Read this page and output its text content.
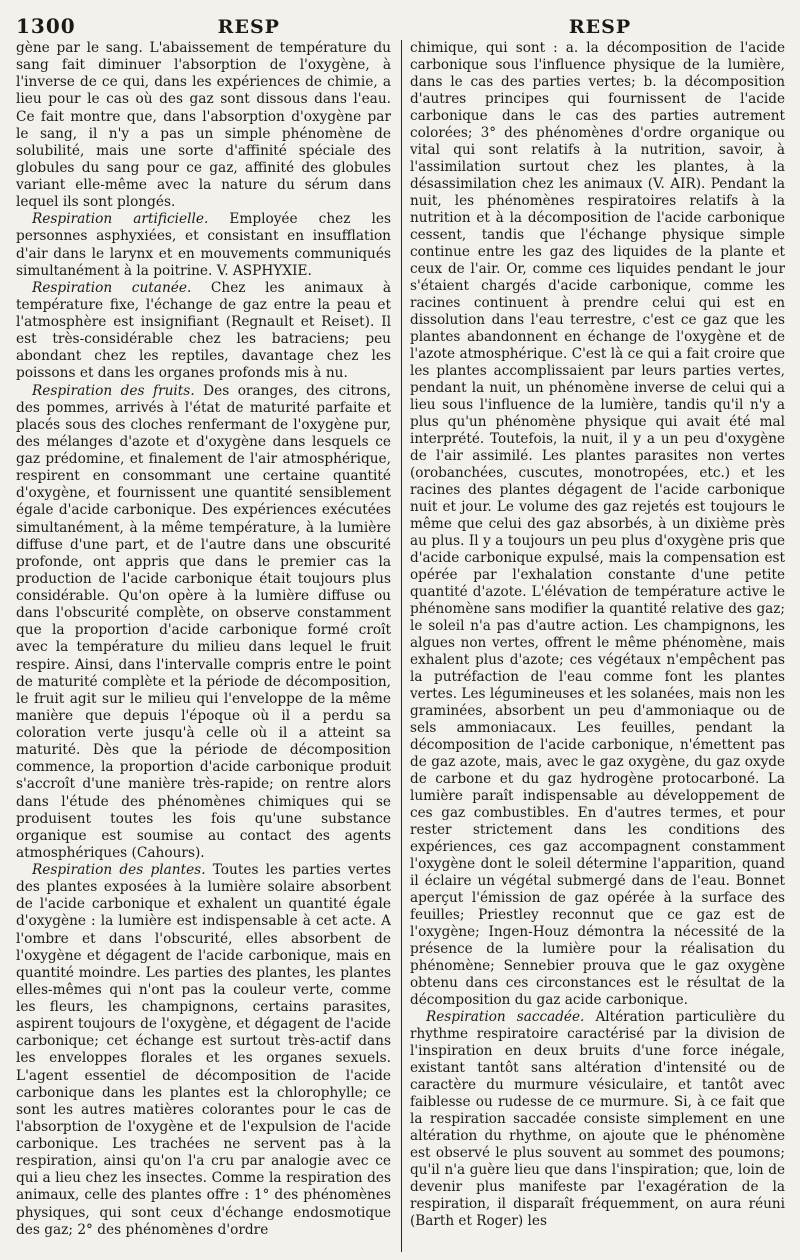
1300	RESP	RESP

gène par le sang. L'abaissement de température du sang fait diminuer l'absorption de l'oxygène, à l'inverse de ce qui, dans les expériences de chimie, a lieu pour le cas où des gaz sont dissous dans l'eau. Ce fait montre que, dans l'absorption d'oxygène par le sang, il n'y a pas un simple phénomène de solubilité, mais une sorte d'affinité spéciale des globules du sang pour ce gaz, affinité des globules variant elle-même avec la nature du sérum dans lequel ils sont plongés.

Respiration artificielle. Employée chez les personnes asphyxiées, et consistant en insufflation d'air dans le larynx et en mouvements communiqués simultanément à la poitrine. V. ASPHYXIE.

Respiration cutanée. Chez les animaux à température fixe, l'échange de gaz entre la peau et l'atmosphère est insignifiant (Regnault et Reiset). Il est très-considérable chez les batraciens; peu abondant chez les reptiles, davantage chez les poissons et dans les organes profonds mis à nu.

Respiration des fruits. Des oranges, des citrons, des pommes, arrivés à l'état de maturité parfaite et placés sous des cloches renfermant de l'oxygène pur, des mélanges d'azote et d'oxygène dans lesquels ce gaz prédomine, et finalement de l'air atmosphérique, respirent en consommant une certaine quantité d'oxygène, et fournissent une quantité sensiblement égale d'acide carbonique. Des expériences exécutées simultanément, à la même température, à la lumière diffuse d'une part, et de l'autre dans une obscurité profonde, ont appris que dans le premier cas la production de l'acide carbonique était toujours plus considérable. Qu'on opère à la lumière diffuse ou dans l'obscurité complète, on observe constamment que la proportion d'acide carbonique formé croît avec la température du milieu dans lequel le fruit respire. Ainsi, dans l'intervalle compris entre le point de maturité complète et la période de décomposition, le fruit agit sur le milieu qui l'enveloppe de la même manière que depuis l'époque où il a perdu sa coloration verte jusqu'à celle où il a atteint sa maturité. Dès que la période de décomposition commence, la proportion d'acide carbonique produit s'accroît d'une manière très-rapide; on rentre alors dans l'étude des phénomènes chimiques qui se produisent toutes les fois qu'une substance organique est soumise au contact des agents atmosphériques (Cahours).

Respiration des plantes. Toutes les parties vertes des plantes exposées à la lumière solaire absorbent de l'acide carbonique et exhalent un quantité égale d'oxygène : la lumière est indispensable à cet acte. A l'ombre et dans l'obscurité, elles absorbent de l'oxygène et dégagent de l'acide carbonique, mais en quantité moindre. Les parties des plantes, les plantes elles-mêmes qui n'ont pas la couleur verte, comme les fleurs, les champignons, certains parasites, aspirent toujours de l'oxygène, et dégagent de l'acide carbonique; cet échange est surtout très-actif dans les enveloppes florales et les organes sexuels. L'agent essentiel de décomposition de l'acide carbonique dans les plantes est la chlorophylle; ce sont les autres matières colorantes pour le cas de l'absorption de l'oxygène et de l'expulsion de l'acide carbonique. Les trachées ne servent pas à la respiration, ainsi qu'on l'a cru par analogie avec ce qui a lieu chez les insectes. Comme la respiration des animaux, celle des plantes offre : 1° des phénomènes physiques, qui sont ceux d'échange endosmotique des gaz; 2° des phénomènes d'ordre

chimique, qui sont : a. la décomposition de l'acide carbonique sous l'influence physique de la lumière, dans le cas des parties vertes; b. la décomposition d'autres principes qui fournissent de l'acide carbonique dans le cas des parties autrement colorées; 3° des phénomènes d'ordre organique ou vital qui sont relatifs à la nutrition, savoir, à l'assimilation surtout chez les plantes, à la désassimilation chez les animaux (V. AIR). Pendant la nuit, les phénomènes respiratoires relatifs à la nutrition et à la décomposition de l'acide carbonique cessent, tandis que l'échange physique simple continue entre les gaz des liquides de la plante et ceux de l'air. Or, comme ces liquides pendant le jour s'étaient chargés d'acide carbonique, comme les racines continuent à prendre celui qui est en dissolution dans l'eau terrestre, c'est ce gaz que les plantes abandonnent en échange de l'oxygène et de l'azote atmosphérique. C'est là ce qui a fait croire que les plantes accomplissaient par leurs parties vertes, pendant la nuit, un phénomène inverse de celui qui a lieu sous l'influence de la lumière, tandis qu'il n'y a plus qu'un phénomène physique qui avait été mal interprété. Toutefois, la nuit, il y a un peu d'oxygène de l'air assimilé. Les plantes parasites non vertes (orobanchées, cuscutes, monotropées, etc.) et les racines des plantes dégagent de l'acide carbonique nuit et jour. Le volume des gaz rejetés est toujours le même que celui des gaz absorbés, à un dixième près au plus. Il y a toujours un peu plus d'oxygène pris que d'acide carbonique expulsé, mais la compensation est opérée par l'exhalation constante d'une petite quantité d'azote. L'élévation de température active le phénomène sans modifier la quantité relative des gaz; le soleil n'a pas d'autre action. Les champignons, les algues non vertes, offrent le même phénomène, mais exhalent plus d'azote; ces végétaux n'empêchent pas la putréfaction de l'eau comme font les plantes vertes. Les légumineuses et les solanées, mais non les graminées, absorbent un peu d'ammoniaque ou de sels ammoniacaux. Les feuilles, pendant la décomposition de l'acide carbonique, n'émettent pas de gaz azote, mais, avec le gaz oxygène, du gaz oxyde de carbone et du gaz hydrogène protocarboné. La lumière paraît indispensable au développement de ces gaz combustibles. En d'autres termes, et pour rester strictement dans les conditions des expériences, ces gaz accompagnent constamment l'oxygène dont le soleil détermine l'apparition, quand il éclaire un végétal submergé dans de l'eau. Bonnet aperçut l'émission de gaz opérée à la surface des feuilles; Priestley reconnut que ce gaz est de l'oxygène; Ingen-Houz démontra la nécessité de la présence de la lumière pour la réalisation du phénomène; Sennebier prouva que le gaz oxygène obtenu dans ces circonstances est le résultat de la décomposition du gaz acide carbonique.

Respiration saccadée. Altération particulière du rhythme respiratoire caractérisé par la division de l'inspiration en deux bruits d'une force inégale, existant tantôt sans altération d'intensité ou de caractère du murmure vésiculaire, et tantôt avec faiblesse ou rudesse de ce murmure. Si, à ce fait que la respiration saccadée consiste simplement en une altération du rhythme, on ajoute que le phénomène est observé le plus souvent au sommet des poumons; qu'il n'a guère lieu que dans l'inspiration; que, loin de devenir plus manifeste par l'exagération de la respiration, il disparaît fréquemment, on aura réuni (Barth et Roger) les
